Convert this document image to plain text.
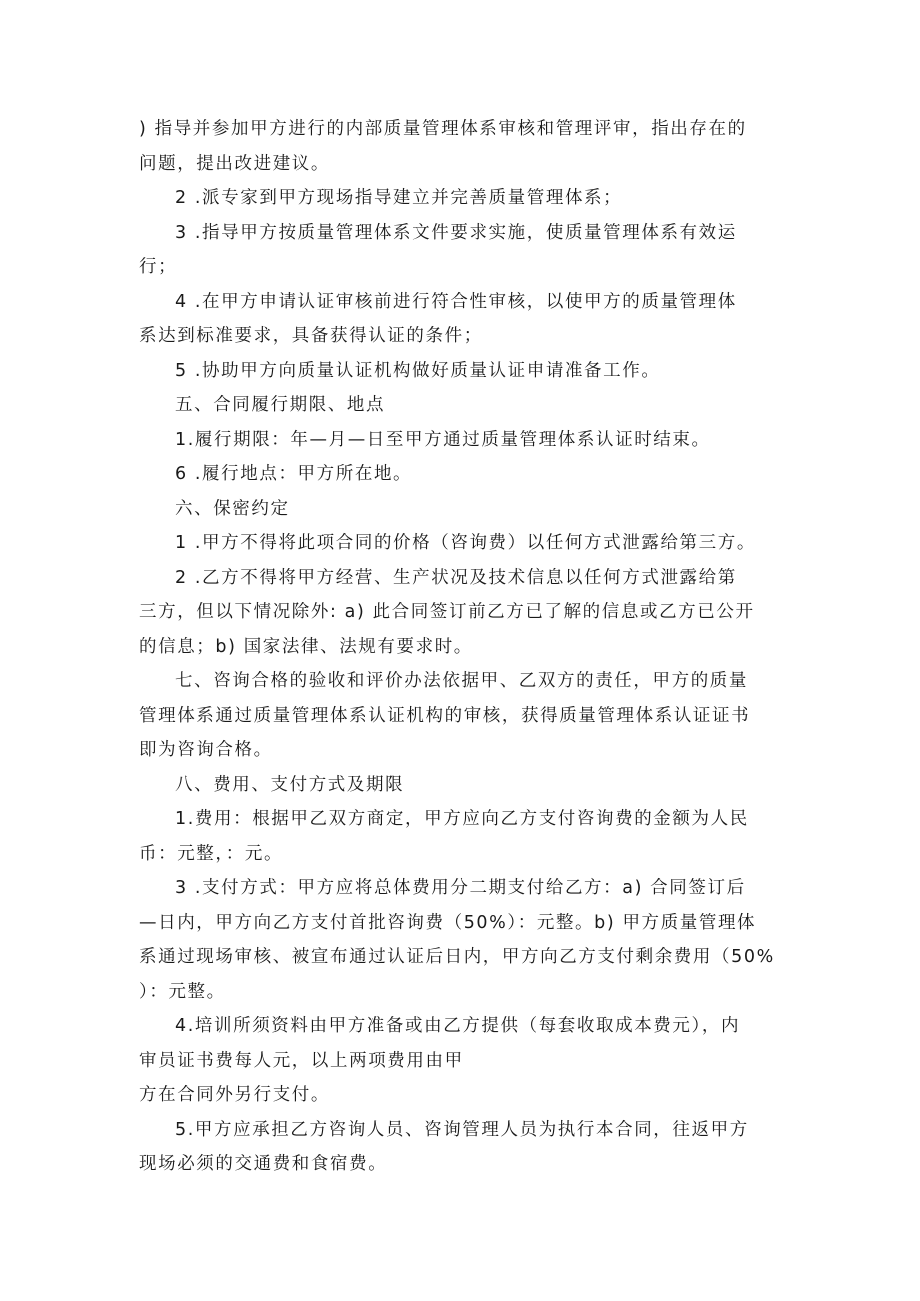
) 指导并参加甲方进行的内部质量管理体系审核和管理评审，指出存在的
问题，提出改进建议。
2 .派专家到甲方现场指导建立并完善质量管理体系；
3 .指导甲方按质量管理体系文件要求实施，使质量管理体系有效运
行；
4 .在甲方申请认证审核前进行符合性审核，以使甲方的质量管理体
系达到标准要求，具备获得认证的条件；
5 .协助甲方向质量认证机构做好质量认证申请准备工作。
五、合同履行期限、地点
1.履行期限：年—月—日至甲方通过质量管理体系认证时结束。
6 .履行地点：甲方所在地。
六、保密约定
1 .甲方不得将此项合同的价格（咨询费）以任何方式泄露给第三方。
2 .乙方不得将甲方经营、生产状况及技术信息以任何方式泄露给第
三方，但以下情况除外: a) 此合同签订前乙方已了解的信息或乙方已公开
的信息；b) 国家法律、法规有要求时。
七、咨询合格的验收和评价办法依据甲、乙双方的责任，甲方的质量
管理体系通过质量管理体系认证机构的审核，获得质量管理体系认证证书
即为咨询合格。
八、费用、支付方式及期限
1.费用：根据甲乙双方商定，甲方应向乙方支付咨询费的金额为人民
币：元整，：元。
3 .支付方式：甲方应将总体费用分二期支付给乙方：a) 合同签订后
—日内，甲方向乙方支付首批咨询费（50%）：元整。b) 甲方质量管理体
系通过现场审核、被宣布通过认证后日内，甲方向乙方支付剩余费用（50%
）：元整。
4.培训所须资料由甲方准备或由乙方提供（每套收取成本费元），内
审员证书费每人元，以上两项费用由甲
方在合同外另行支付。
5.甲方应承担乙方咨询人员、咨询管理人员为执行本合同，往返甲方
现场必须的交通费和食宿费。
